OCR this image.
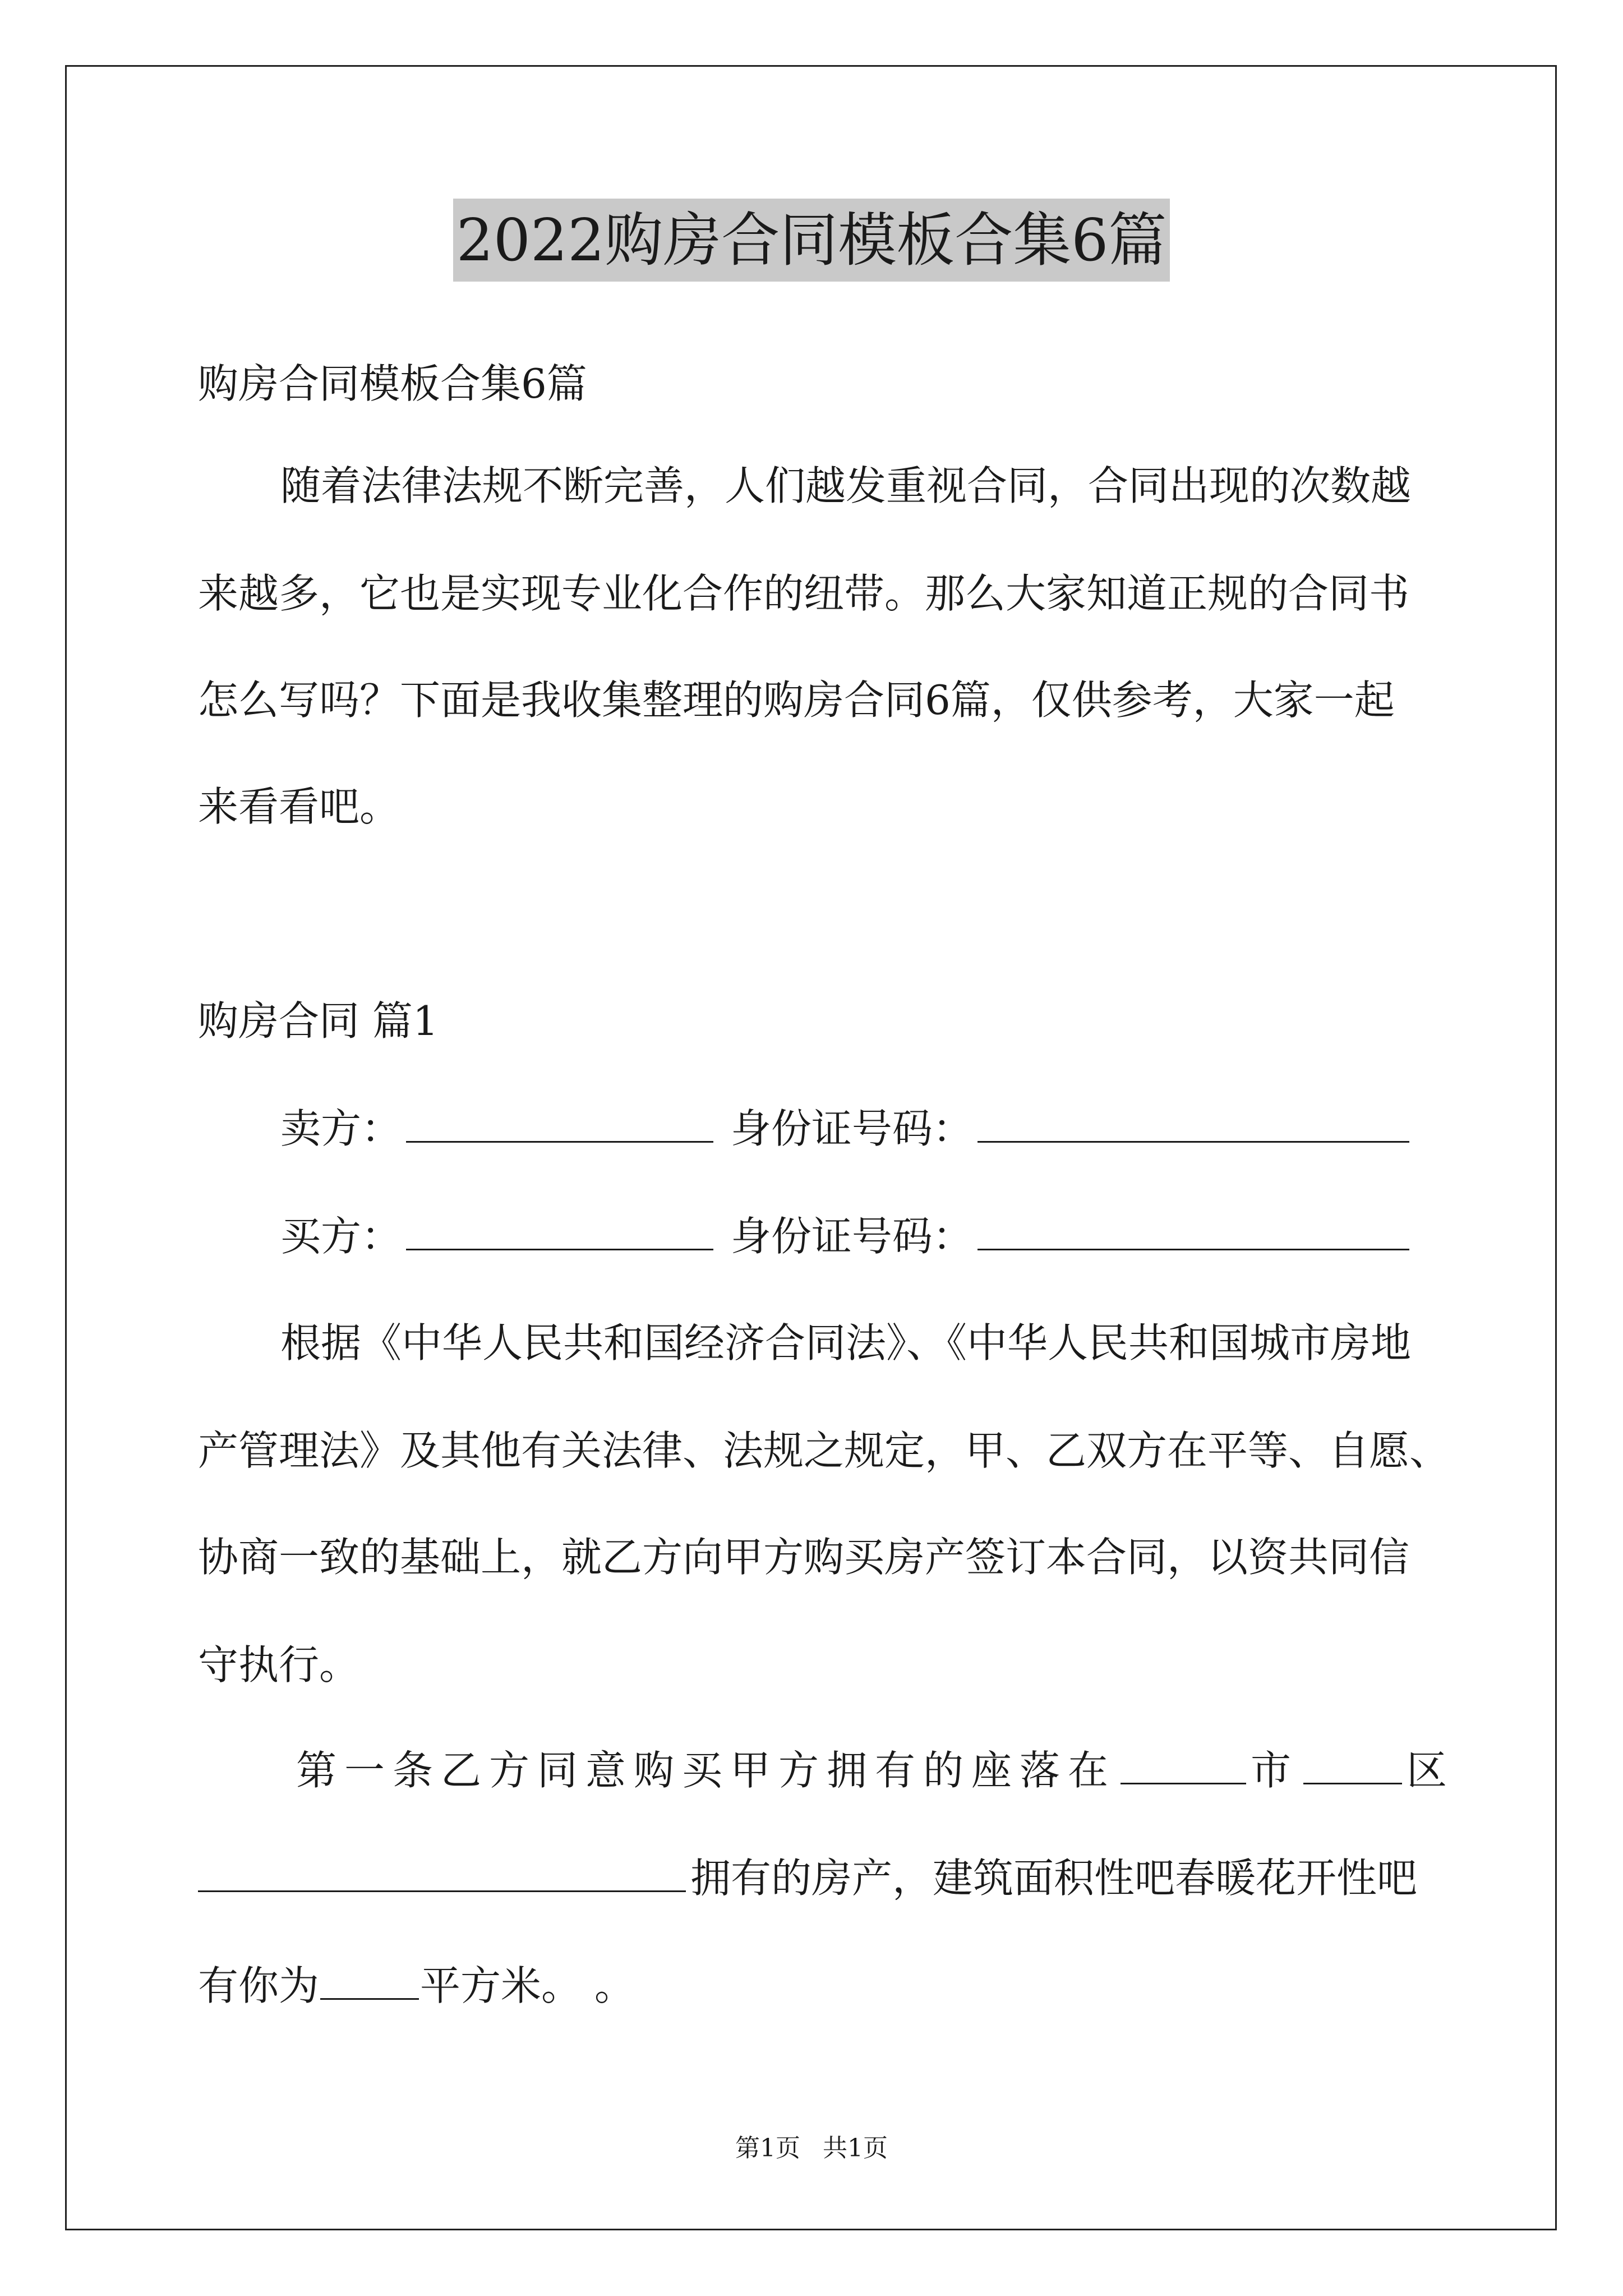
2022购房合同模板合集6篇
购房合同模板合集6篇
随着法律法规不断完善，人们越发重视合同，合同出现的次数越
来越多，它也是实现专业化合作的纽带。那么大家知道正规的合同书
怎么写吗？下面是我收集整理的购房合同6篇，仅供参考，大家一起
来看看吧。
购房合同 篇1
卖方：	身份证号码：
买方：	身份证号码：
根据《中华人民共和国经济合同法》、《中华人民共和国城市房地
产管理法》及其他有关法律、法规之规定，甲、乙双方在平等、自愿、
协商一致的基础上，就乙方向甲方购买房产签订本合同，以资共同信
守执行。
第一条乙方同意购买甲方拥有的座落在	市	区
拥有的房产，建筑面积性吧春暖花开性吧
有你为	平方米。 。
第1页 共1页
